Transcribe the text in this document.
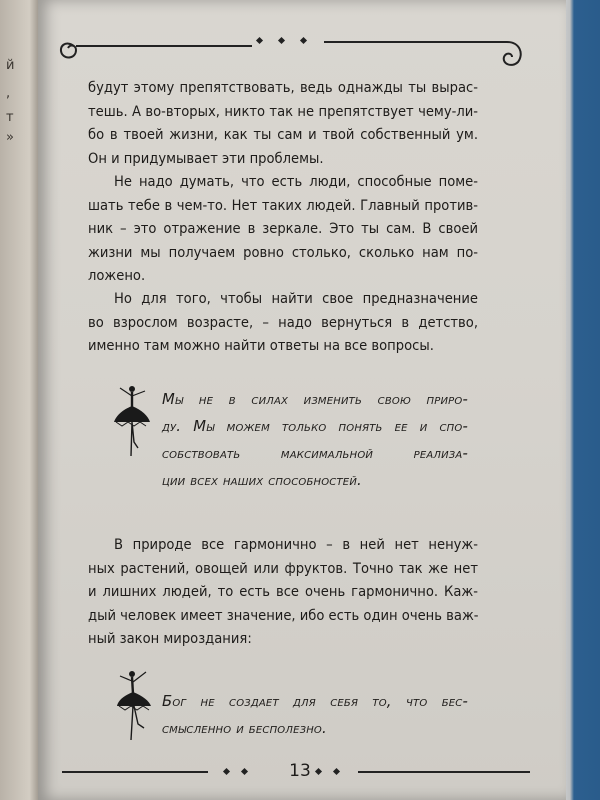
й
,
т
»
будут этому препятствовать, ведь однажды ты вырас-
тешь. А во-вторых, никто так не препятствует чему-ли-
бо в твоей жизни, как ты сам и твой собственный ум.
Он и придумывает эти проблемы.
Не надо думать, что есть люди, способные поме-
шать тебе в чем-то. Нет таких людей. Главный против-
ник – это отражение в зеркале. Это ты сам. В своей
жизни мы получаем ровно столько, сколько нам по-
ложено.
Но для того, чтобы найти свое предназначение
во взрослом возрасте, – надо вернуться в детство,
именно там можно найти ответы на все вопросы.
Мы не в силах изменить свою приро-
ду. Мы можем только понять ее и спо-
собствовать максимальной реализа-
ции всех наших способностей.
В природе все гармонично – в ней нет ненуж-
ных растений, овощей или фруктов. Точно так же нет
и лишних людей, то есть все очень гармонично. Каж-
дый человек имеет значение, ибо есть один очень важ-
ный закон мироздания:
Бог не создает для себя то, что бес-
смысленно и бесполезно.
13
